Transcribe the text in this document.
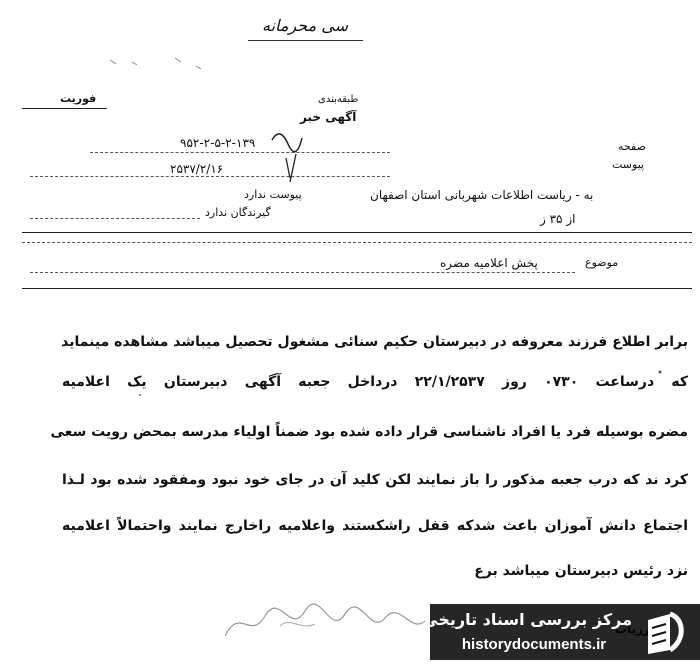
سی محرمانه
فوریت	طبقه‌بندی
آگهی خبر
صفحه
پیوست
۹۵۲-۲-۵-۲-۱۳۹
۲۵۳۷/۲/۱۶
پیوست ندارد
گیرندگان ندارد
به - ریاست اطلاعات شهربانی استان اصفهان
از ۳۵ ز
موضوع
پخش اعلامیه مضره
برابر اطلاع فرزند معروفه در دبیرستان حکیم سنائی مشغول تحصیل میباشد مشاهده مینماید
که درساعت ۰۷۳۰ روز ۲۲/۱/۲۵۳۷ درداخل جعبه آگهی دبیرستان یک اعلامیه
مضره بوسیله فرد یا افراد ناشناسی قرار داده شده بود ضمناً اولیاء مدرسه بمحض رویت سعی
کرد ند که درب جعبه مذکور را باز نمایند لکن کلید آن در جای خود نبود ومفقود شده بود لـذا
اجتماع دانش آموزان باعث شدکه قفل راشکستند واعلامیه راخارج نمایند واحتمالاً اعلامیه
نزد رئیس دبیرستان میباشد برع
مرکز بررسی اسناد تاریخی
historydocuments.ir
